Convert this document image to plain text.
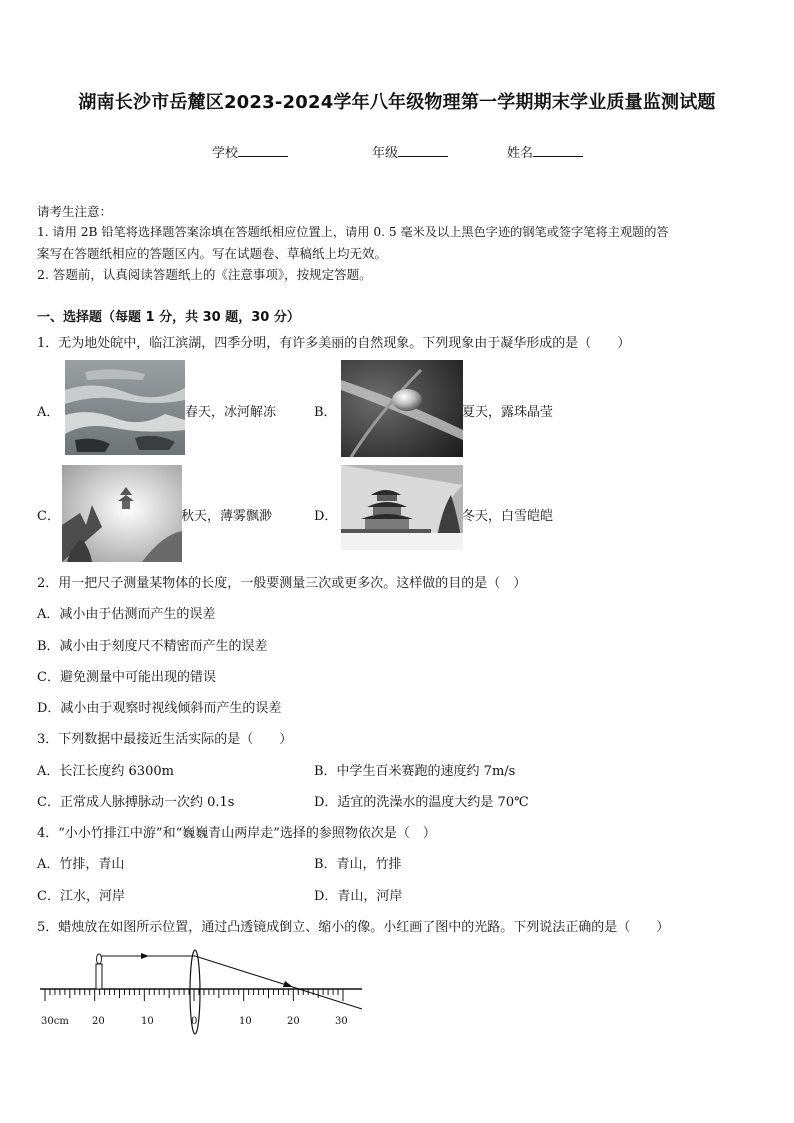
湖南长沙市岳麓区2023-2024学年八年级物理第一学期期末学业质量监测试题
学校	年级	姓名
请考生注意：
1. 请用 2B 铅笔将选择题答案涂填在答题纸相应位置上，请用 0. 5 毫米及以上黑色字迹的钢笔或签字笔将主观题的答
案写在答题纸相应的答题区内。写在试题卷、草稿纸上均无效。
2. 答题前，认真阅读答题纸上的《注意事项》，按规定答题。
一、选择题（每题 1 分，共 30 题，30 分）
1．无为地处皖中，临江滨湖，四季分明，有许多美丽的自然现象。下列现象由于凝华形成的是（　　）
A．	春天，冰河解冻	B．	夏天，露珠晶莹
C．	秋天，薄雾飘渺	D．	冬天，白雪皑皑
2．用一把尺子测量某物体的长度，一般要测量三次或更多次。这样做的目的是（　）
A．减小由于估测而产生的误差
B．减小由于刻度尺不精密而产生的误差
C．避免测量中可能出现的错误
D．减小由于观察时视线倾斜而产生的误差
3．下列数据中最接近生活实际的是（　　）
A．长江长度约 6300m	B．中学生百米赛跑的速度约 7m/s
C．正常成人脉搏脉动一次约 0.1s	D．适宜的洗澡水的温度大约是 70℃
4．“小小竹排江中游”和“巍巍青山两岸走”选择的参照物依次是（　）
A．竹排，青山	B．青山，竹排
C．江水，河岸	D．青山，河岸
5．蜡烛放在如图所示位置，通过凸透镜成倒立、缩小的像。小红画了图中的光路。下列说法正确的是（　　）
30cm 20	10	0	10	20	30
